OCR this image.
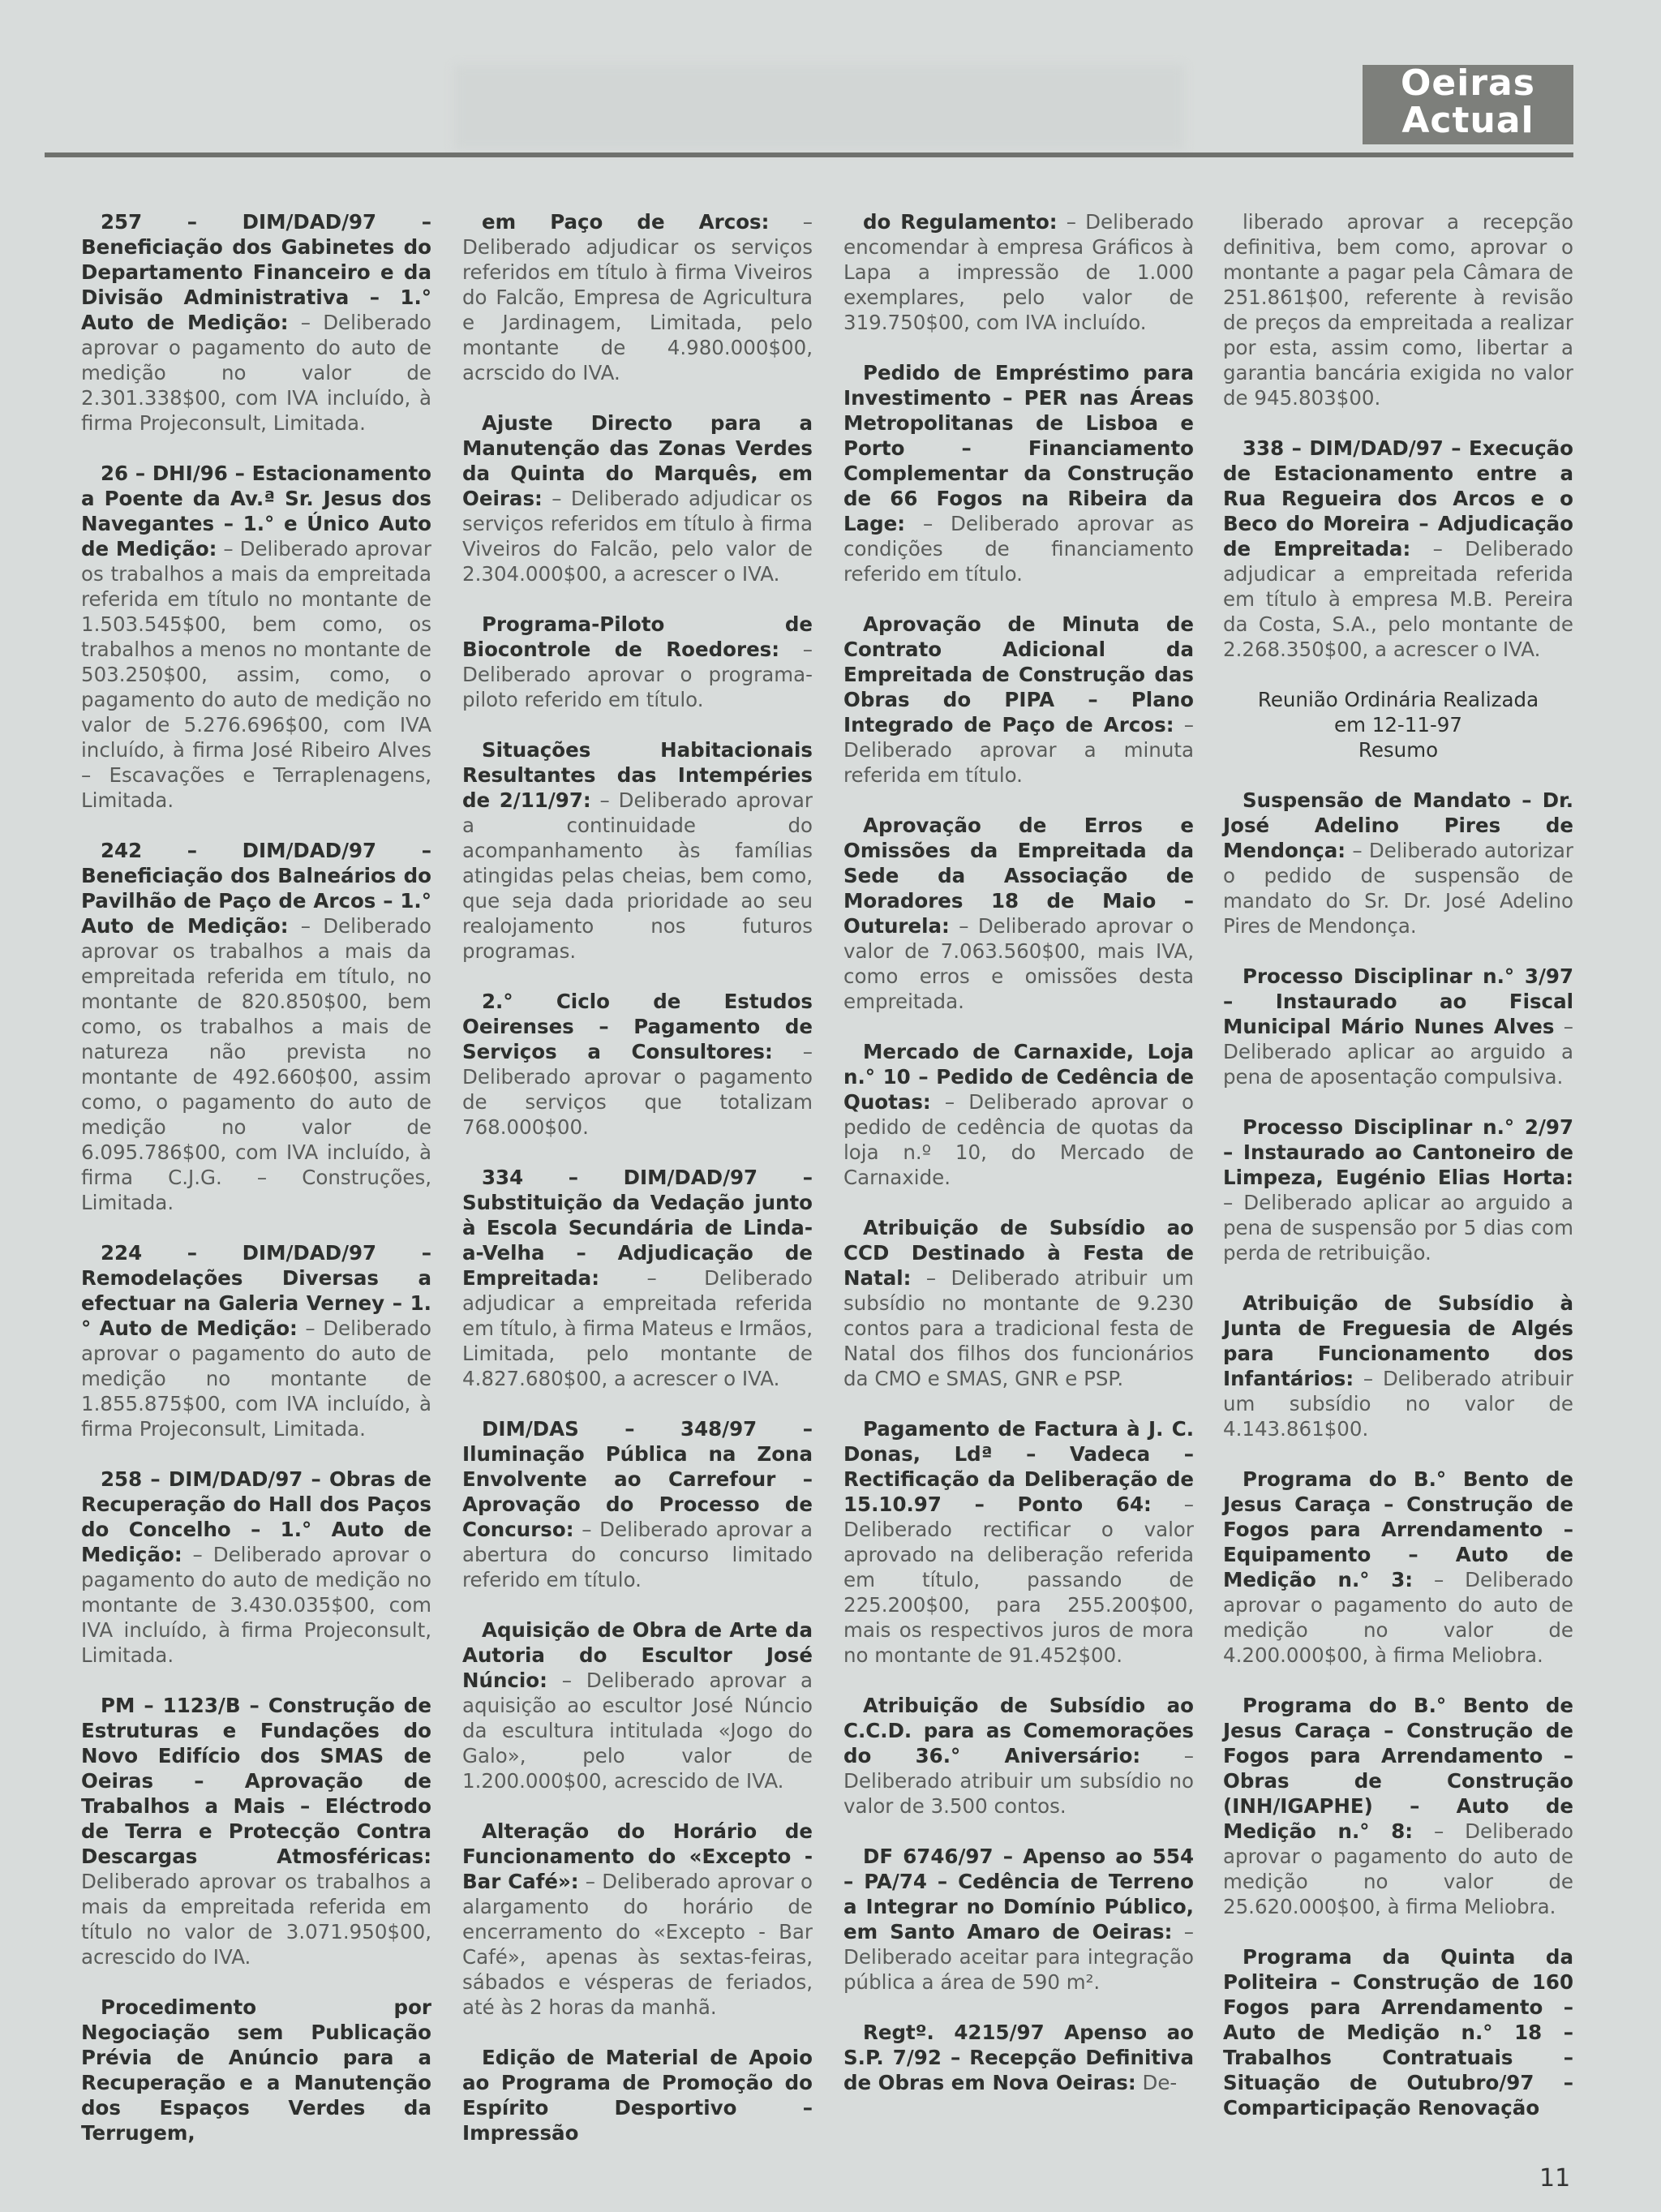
Oeiras
Actual

257 – DIM/DAD/97 – Beneficiação dos Gabinetes do Departamento Financeiro e da Divisão Administrativa – 1.° Auto de Medição: – Deliberado aprovar o pagamento do auto de medição no valor de 2.301.338$00, com IVA incluído, à firma Projeconsult, Limitada.

26 – DHI/96 – Estacionamento a Poente da Av.ª Sr. Jesus dos Navegantes – 1.° e Único Auto de Medição: – Deliberado aprovar os trabalhos a mais da empreitada referida em título no montante de 1.503.545$00, bem como, os trabalhos a menos no montante de 503.250$00, assim, como, o pagamento do auto de medição no valor de 5.276.696$00, com IVA incluído, à firma José Ribeiro Alves – Escavações e Terraplenagens, Limitada.

242 – DIM/DAD/97 – Beneficiação dos Balneários do Pavilhão de Paço de Arcos – 1.° Auto de Medição: – Deliberado aprovar os trabalhos a mais da empreitada referida em título, no montante de 820.850$00, bem como, os trabalhos a mais de natureza não prevista no montante de 492.660$00, assim como, o pagamento do auto de medição no valor de 6.095.786$00, com IVA incluído, à firma C.J.G. – Construções, Limitada.

224 – DIM/DAD/97 – Remodelações Diversas a efectuar na Galeria Verney – 1.° Auto de Medição: – Deliberado aprovar o pagamento do auto de medição no montante de 1.855.875$00, com IVA incluído, à firma Projeconsult, Limitada.

258 – DIM/DAD/97 – Obras de Recuperação do Hall dos Paços do Concelho – 1.° Auto de Medição: – Deliberado aprovar o pagamento do auto de medição no montante de 3.430.035$00, com IVA incluído, à firma Projeconsult, Limitada.

PM – 1123/B – Construção de Estruturas e Fundações do Novo Edifício dos SMAS de Oeiras – Aprovação de Trabalhos a Mais – Eléctrodo de Terra e Protecção Contra Descargas Atmosféricas: Deliberado aprovar os trabalhos a mais da empreitada referida em título no valor de 3.071.950$00, acrescido do IVA.

Procedimento por Negociação sem Publicação Prévia de Anúncio para a Recuperação e a Manutenção dos Espaços Verdes da Terrugem,

em Paço de Arcos: – Deliberado adjudicar os serviços referidos em título à firma Viveiros do Falcão, Empresa de Agricultura e Jardinagem, Limitada, pelo montante de 4.980.000$00, acrscido do IVA.

Ajuste Directo para a Manutenção das Zonas Verdes da Quinta do Marquês, em Oeiras: – Deliberado adjudicar os serviços referidos em título à firma Viveiros do Falcão, pelo valor de 2.304.000$00, a acrescer o IVA.

Programa-Piloto de Biocontrole de Roedores: – Deliberado aprovar o programa-piloto referido em título.

Situações Habitacionais Resultantes das Intempéries de 2/11/97: – Deliberado aprovar a continuidade do acompanhamento às famílias atingidas pelas cheias, bem como, que seja dada prioridade ao seu realojamento nos futuros programas.

2.° Ciclo de Estudos Oeirenses – Pagamento de Serviços a Consultores: – Deliberado aprovar o pagamento de serviços que totalizam 768.000$00.

334 – DIM/DAD/97 – Substituição da Vedação junto à Escola Secundária de Linda-a-Velha – Adjudicação de Empreitada: – Deliberado adjudicar a empreitada referida em título, à firma Mateus e Irmãos, Limitada, pelo montante de 4.827.680$00, a acrescer o IVA.

DIM/DAS – 348/97 – Iluminação Pública na Zona Envolvente ao Carrefour – Aprovação do Processo de Concurso: – Deliberado aprovar a abertura do concurso limitado referido em título.

Aquisição de Obra de Arte da Autoria do Escultor José Núncio: – Deliberado aprovar a aquisição ao escultor José Núncio da escultura intitulada «Jogo do Galo», pelo valor de 1.200.000$00, acrescido de IVA.

Alteração do Horário de Funcionamento do «Excepto - Bar Café»: – Deliberado aprovar o alargamento do horário de encerramento do «Excepto - Bar Café», apenas às sextas-feiras, sábados e vésperas de feriados, até às 2 horas da manhã.

Edição de Material de Apoio ao Programa de Promoção do Espírito Desportivo – Impressão

do Regulamento: – Deliberado encomendar à empresa Gráficos à Lapa a impressão de 1.000 exemplares, pelo valor de 319.750$00, com IVA incluído.

Pedido de Empréstimo para Investimento – PER nas Áreas Metropolitanas de Lisboa e Porto – Financiamento Complementar da Construção de 66 Fogos na Ribeira da Lage: – Deliberado aprovar as condições de financiamento referido em título.

Aprovação de Minuta de Contrato Adicional da Empreitada de Construção das Obras do PIPA – Plano Integrado de Paço de Arcos: – Deliberado aprovar a minuta referida em título.

Aprovação de Erros e Omissões da Empreitada da Sede da Associação de Moradores 18 de Maio – Outurela: – Deliberado aprovar o valor de 7.063.560$00, mais IVA, como erros e omissões desta empreitada.

Mercado de Carnaxide, Loja n.° 10 – Pedido de Cedência de Quotas: – Deliberado aprovar o pedido de cedência de quotas da loja n.º 10, do Mercado de Carnaxide.

Atribuição de Subsídio ao CCD Destinado à Festa de Natal: – Deliberado atribuir um subsídio no montante de 9.230 contos para a tradicional festa de Natal dos filhos dos funcionários da CMO e SMAS, GNR e PSP.

Pagamento de Factura à J. C. Donas, Ldª – Vadeca – Rectificação da Deliberação de 15.10.97 – Ponto 64: – Deliberado rectificar o valor aprovado na deliberação referida em título, passando de 225.200$00, para 255.200$00, mais os respectivos juros de mora no montante de 91.452$00.

Atribuição de Subsídio ao C.C.D. para as Comemorações do 36.° Aniversário: – Deliberado atribuir um subsídio no valor de 3.500 contos.

DF 6746/97 – Apenso ao 554 – PA/74 – Cedência de Terreno a Integrar no Domínio Público, em Santo Amaro de Oeiras: – Deliberado aceitar para integração pública a área de 590 m².

Regtº. 4215/97 Apenso ao S.P. 7/92 – Recepção Definitiva de Obras em Nova Oeiras: De-

liberado aprovar a recepção definitiva, bem como, aprovar o montante a pagar pela Câmara de 251.861$00, referente à revisão de preços da empreitada a realizar por esta, assim como, libertar a garantia bancária exigida no valor de 945.803$00.

338 – DIM/DAD/97 – Execução de Estacionamento entre a Rua Regueira dos Arcos e o Beco do Moreira – Adjudicação de Empreitada: – Deliberado adjudicar a empreitada referida em título à empresa M.B. Pereira da Costa, S.A., pelo montante de 2.268.350$00, a acrescer o IVA.

Reunião Ordinária Realizada
em 12-11-97
Resumo

Suspensão de Mandato – Dr. José Adelino Pires de Mendonça: – Deliberado autorizar o pedido de suspensão de mandato do Sr. Dr. José Adelino Pires de Mendonça.

Processo Disciplinar n.° 3/97 – Instaurado ao Fiscal Municipal Mário Nunes Alves – Deliberado aplicar ao arguido a pena de aposentação compulsiva.

Processo Disciplinar n.° 2/97 – Instaurado ao Cantoneiro de Limpeza, Eugénio Elias Horta: – Deliberado aplicar ao arguido a pena de suspensão por 5 dias com perda de retribuição.

Atribuição de Subsídio à Junta de Freguesia de Algés para Funcionamento dos Infantários: – Deliberado atribuir um subsídio no valor de 4.143.861$00.

Programa do B.° Bento de Jesus Caraça – Construção de Fogos para Arrendamento – Equipamento – Auto de Medição n.° 3: – Deliberado aprovar o pagamento do auto de medição no valor de 4.200.000$00, à firma Meliobra.

Programa do B.° Bento de Jesus Caraça – Construção de Fogos para Arrendamento – Obras de Construção (INH/IGAPHE) – Auto de Medição n.° 8: – Deliberado aprovar o pagamento do auto de medição no valor de 25.620.000$00, à firma Meliobra.

Programa da Quinta da Politeira – Construção de 160 Fogos para Arrendamento – Auto de Medição n.° 18 – Trabalhos Contratuais – Situação de Outubro/97 – Comparticipação Renovação

11
